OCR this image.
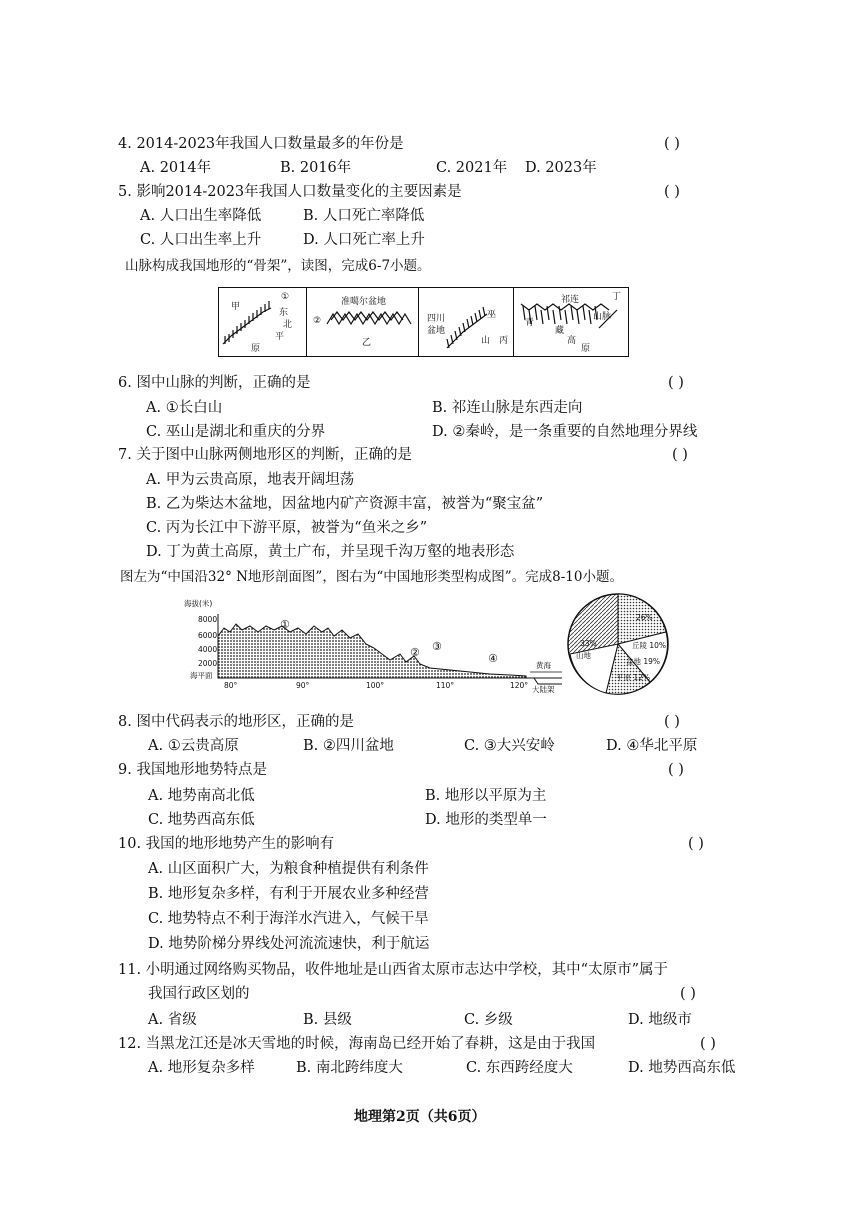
4. 2014-2023年我国人口数量最多的年份是	( )
A. 2014年	B. 2016年	C. 2021年 D. 2023年
5. 影响2014-2023年我国人口数量变化的主要因素是	( )
A. 人口出生率降低	B. 人口死亡率降低
C. 人口出生率上升	D. 人口死亡率上升
山脉构成我国地形的“骨架”，读图，完成6-7小题。
甲
①
东
北
平
原
准噶尔盆地
②
乙
四川
盆地
巫
山 丙
祁连
山脉
丁
青
藏
高
原
6. 图中山脉的判断，正确的是	( )
A. ①长白山	B. 祁连山脉是东西走向
C. 巫山是湖北和重庆的分界	D. ②秦岭，是一条重要的自然地理分界线
7. 关于图中山脉两侧地形区的判断，正确的是	( )
A. 甲为云贵高原，地表开阔坦荡
B. 乙为柴达木盆地，因盆地内矿产资源丰富，被誉为“聚宝盆”
C. 丙为长江中下游平原，被誉为“鱼米之乡”
D. 丁为黄土高原，黄土广布，并呈现千沟万壑的地表形态
图左为“中国沿32° N地形剖面图”，图右为“中国地形类型构成图”。完成8-10小题。
海拔(米)
8000
6000
4000
2000
海平面
80°	90°	100°	110°	120°
①
② ③
④
黄海
大陆架
26%
33%
山地
丘陵 10%
平原 12%
盆地 19%
8. 图中代码表示的地形区，正确的是	( )
A. ①云贵高原	B. ②四川盆地	C. ③大兴安岭	D. ④华北平原
9. 我国地形地势特点是	( )
A. 地势南高北低	B. 地形以平原为主
C. 地势西高东低	D. 地形的类型单一
10. 我国的地形地势产生的影响有	( )
A. 山区面积广大，为粮食种植提供有利条件
B. 地形复杂多样，有利于开展农业多种经营
C. 地势特点不利于海洋水汽进入，气候干旱
D. 地势阶梯分界线处河流流速快，利于航运
11. 小明通过网络购买物品，收件地址是山西省太原市志达中学校，其中“太原市”属于
我国行政区划的	( )
A. 省级	B. 县级	C. 乡级	D. 地级市
12. 当黑龙江还是冰天雪地的时候，海南岛已经开始了春耕，这是由于我国	( )
A. 地形复杂多样	B. 南北跨纬度大	C. 东西跨经度大	D. 地势西高东低
地理第2页（共6页）
